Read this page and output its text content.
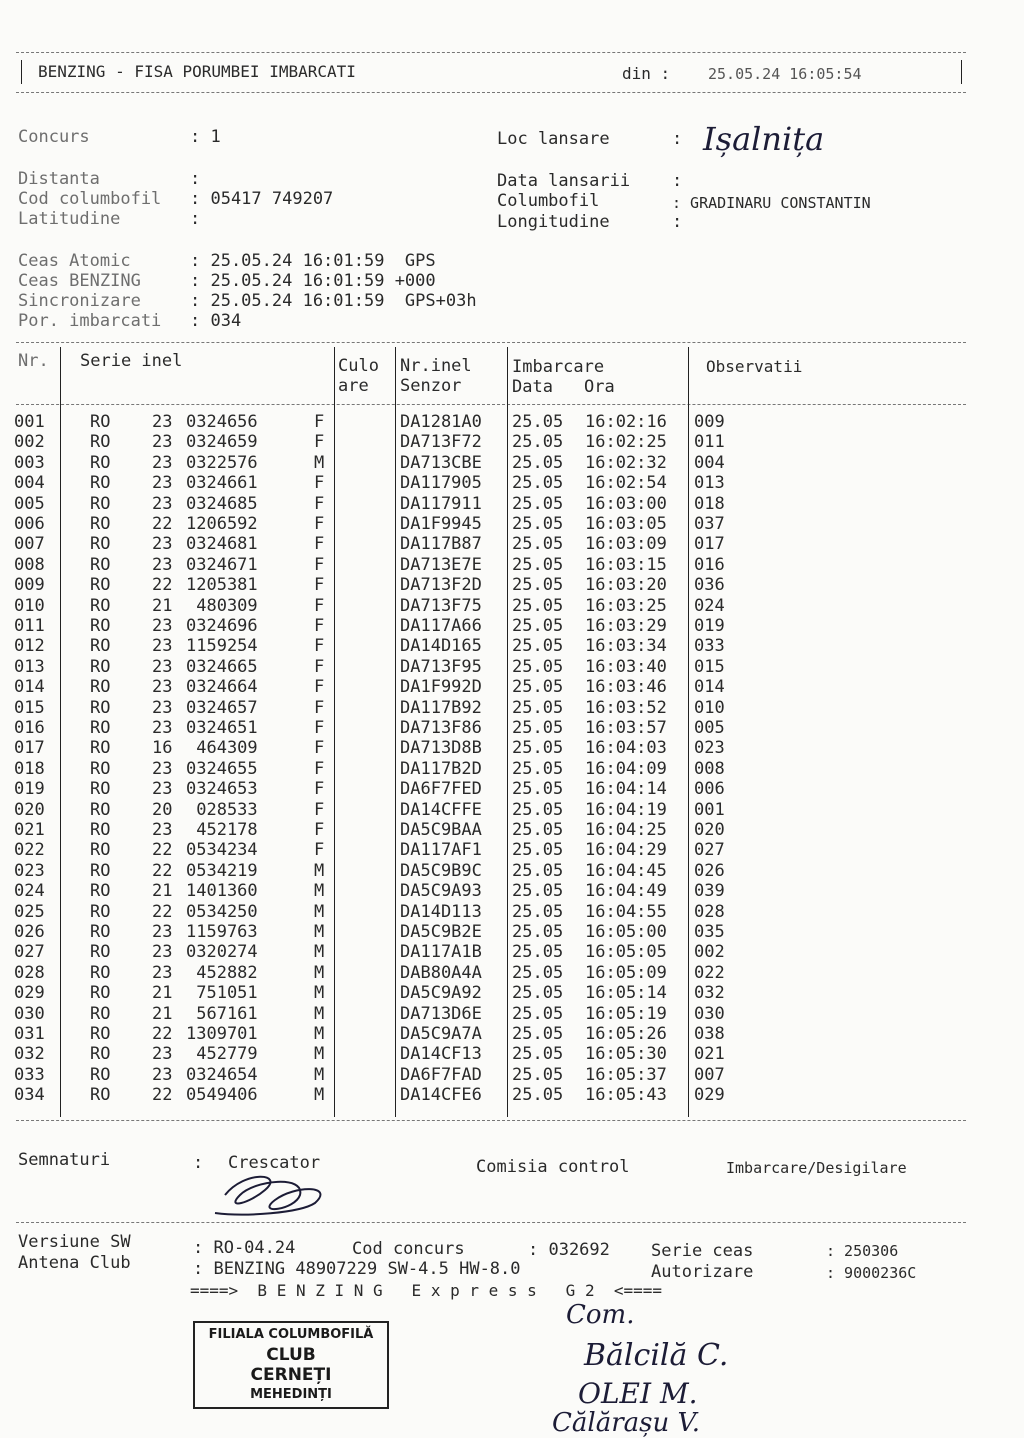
BENZING - FISA PORUMBEI IMBARCATI	din :	25.05.24 16:05:54
Concurs	: 1	Loc lansare	: Ișalnița
Distanta	:	Data lansarii :
Cod columbofil : 05417 749207	Columbofil	: GRADINARU CONSTANTIN
Latitudine	:	Longitudine	:
Ceas Atomic	: 25.05.24 16:01:59  GPS
Ceas BENZING	: 25.05.24 16:01:59 +000
Sincronizare	: 25.05.24 16:01:59  GPS+03h
Por. imbarcati : 034
Nr. Serie inel	Culo
are
Nr.inel
Senzor
Imbarcare
Data Ora
Observatii
001	RO 23 0324656	F	DA1281A0 25.05 16:02:16 009
002	RO 23 0324659	F	DA713F72 25.05 16:02:25 011
003	RO 23 0322576	M	DA713CBE 25.05 16:02:32 004
004	RO 23 0324661	F	DA117905 25.05 16:02:54 013
005	RO 23 0324685	F	DA117911 25.05 16:03:00 018
006	RO 22 1206592	F	DA1F9945 25.05 16:03:05 037
007	RO 23 0324681	F	DA117B87 25.05 16:03:09 017
008	RO 23 0324671	F	DA713E7E 25.05 16:03:15 016
009	RO 22 1205381	F	DA713F2D 25.05 16:03:20 036
010	RO 21 480309	F	DA713F75 25.05 16:03:25 024
011	RO 23 0324696	F	DA117A66 25.05 16:03:29 019
012	RO 23 1159254	F	DA14D165 25.05 16:03:34 033
013	RO 23 0324665	F	DA713F95 25.05 16:03:40 015
014	RO 23 0324664	F	DA1F992D 25.05 16:03:46 014
015	RO 23 0324657	F	DA117B92 25.05 16:03:52 010
016	RO 23 0324651	F	DA713F86 25.05 16:03:57 005
017	RO 16 464309	F	DA713D8B 25.05 16:04:03 023
018	RO 23 0324655	F	DA117B2D 25.05 16:04:09 008
019	RO 23 0324653	F	DA6F7FED 25.05 16:04:14 006
020	RO 20 028533	F	DA14CFFE 25.05 16:04:19 001
021	RO 23 452178	F	DA5C9BAA 25.05 16:04:25 020
022	RO 22 0534234	F	DA117AF1 25.05 16:04:29 027
023	RO 22 0534219	M	DA5C9B9C 25.05 16:04:45 026
024	RO 21 1401360	M	DA5C9A93 25.05 16:04:49 039
025	RO 22 0534250	M	DA14D113 25.05 16:04:55 028
026	RO 23 1159763	M	DA5C9B2E 25.05 16:05:00 035
027	RO 23 0320274	M	DA117A1B 25.05 16:05:05 002
028	RO 23 452882	M	DAB80A4A 25.05 16:05:09 022
029	RO 21 751051	M	DA5C9A92 25.05 16:05:14 032
030	RO 21 567161	M	DA713D6E 25.05 16:05:19 030
031	RO 22 1309701	M	DA5C9A7A 25.05 16:05:26 038
032	RO 23 452779	M	DA14CF13 25.05 16:05:30 021
033	RO 23 0324654	M	DA6F7FAD 25.05 16:05:37 007
034	RO 22 0549406	M	DA14CFE6 25.05 16:05:43 029
Semnaturi	: Crescator	Comisia control	Imbarcare/Desigilare
Versiune SW	: RO-04.24	Cod concurs	: 032692 Serie ceas	: 250306
Antena Club	: BENZING 48907229 SW-4.5 HW-8.0	Autorizare	: 9000236C
====>  B E N Z I N G   E x p r e s s   G 2  <====
FILIALA COLUMBOFILĂ
CLUB
CERNEȚI
MEHEDINȚI
Com.
Bălcilă C.
OLEI M.
Călărașu V.
